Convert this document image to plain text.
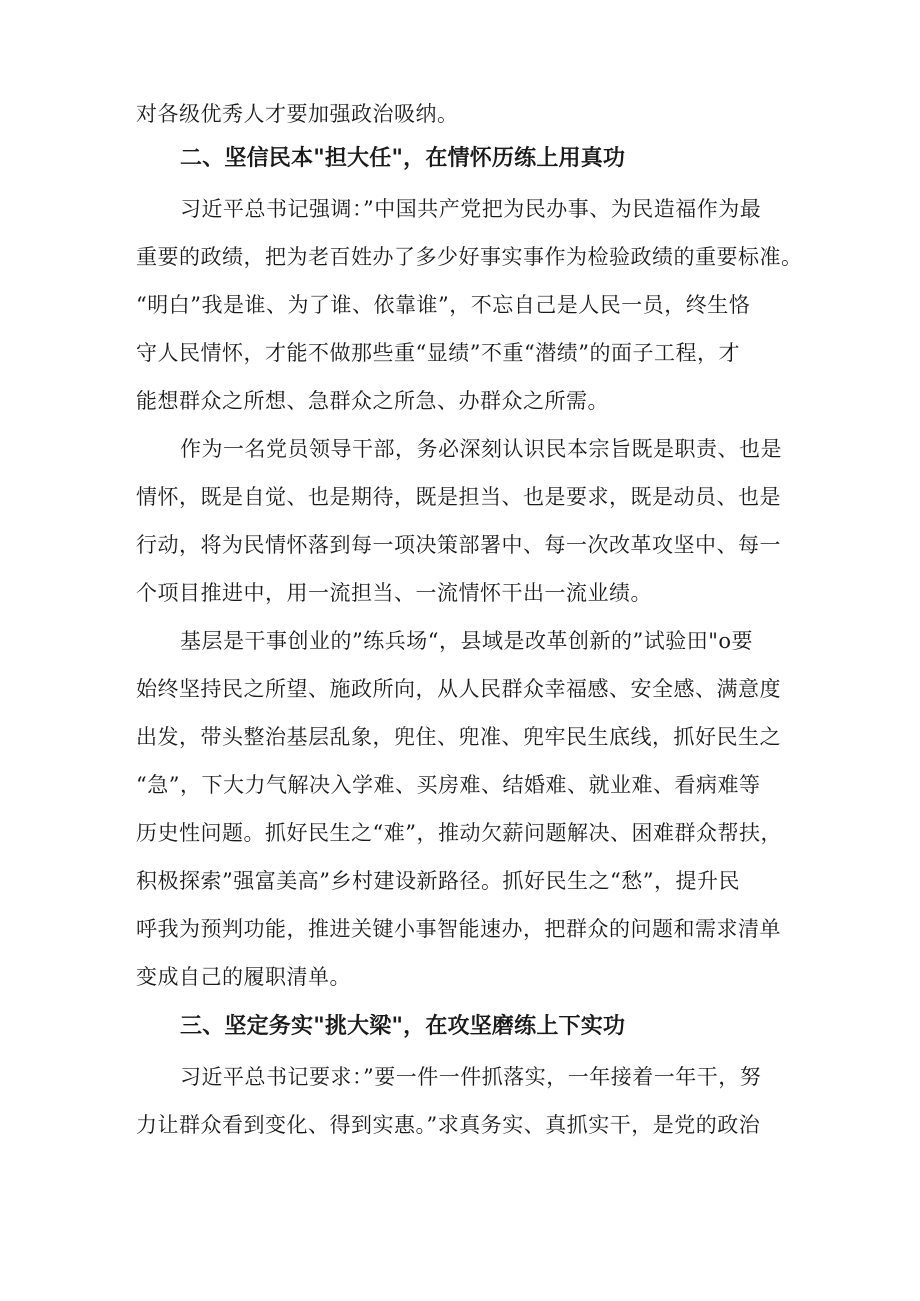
对各级优秀人才要加强政治吸纳。
二、坚信民本"担大任"，在情怀历练上用真功
习近平总书记强调：”中国共产党把为民办事、为民造福作为最
重要的政绩，把为老百姓办了多少好事实事作为检验政绩的重要标准。
“明白”我是谁、为了谁、依靠谁”，不忘自己是人民一员，终生恪
守人民情怀，才能不做那些重“显绩”不重“潜绩”的面子工程，才
能想群众之所想、急群众之所急、办群众之所需。
作为一名党员领导干部，务必深刻认识民本宗旨既是职责、也是
情怀，既是自觉、也是期待，既是担当、也是要求，既是动员、也是
行动，将为民情怀落到每一项决策部署中、每一次改革攻坚中、每一
个项目推进中，用一流担当、一流情怀干出一流业绩。
基层是干事创业的”练兵场“，县域是改革创新的”试验田"o要
始终坚持民之所望、施政所向，从人民群众幸福感、安全感、满意度
出发，带头整治基层乱象，兜住、兜准、兜牢民生底线，抓好民生之
“急”，下大力气解决入学难、买房难、结婚难、就业难、看病难等
历史性问题。抓好民生之“难”，推动欠薪问题解决、困难群众帮扶，
积极探索”强富美高”乡村建设新路径。抓好民生之“愁”，提升民
呼我为预判功能，推进关键小事智能速办，把群众的问题和需求清单
变成自己的履职清单。
三、坚定务实"挑大梁"，在攻坚磨练上下实功
习近平总书记要求：”要一件一件抓落实，一年接着一年干，努
力让群众看到变化、得到实惠。”求真务实、真抓实干，是党的政治
